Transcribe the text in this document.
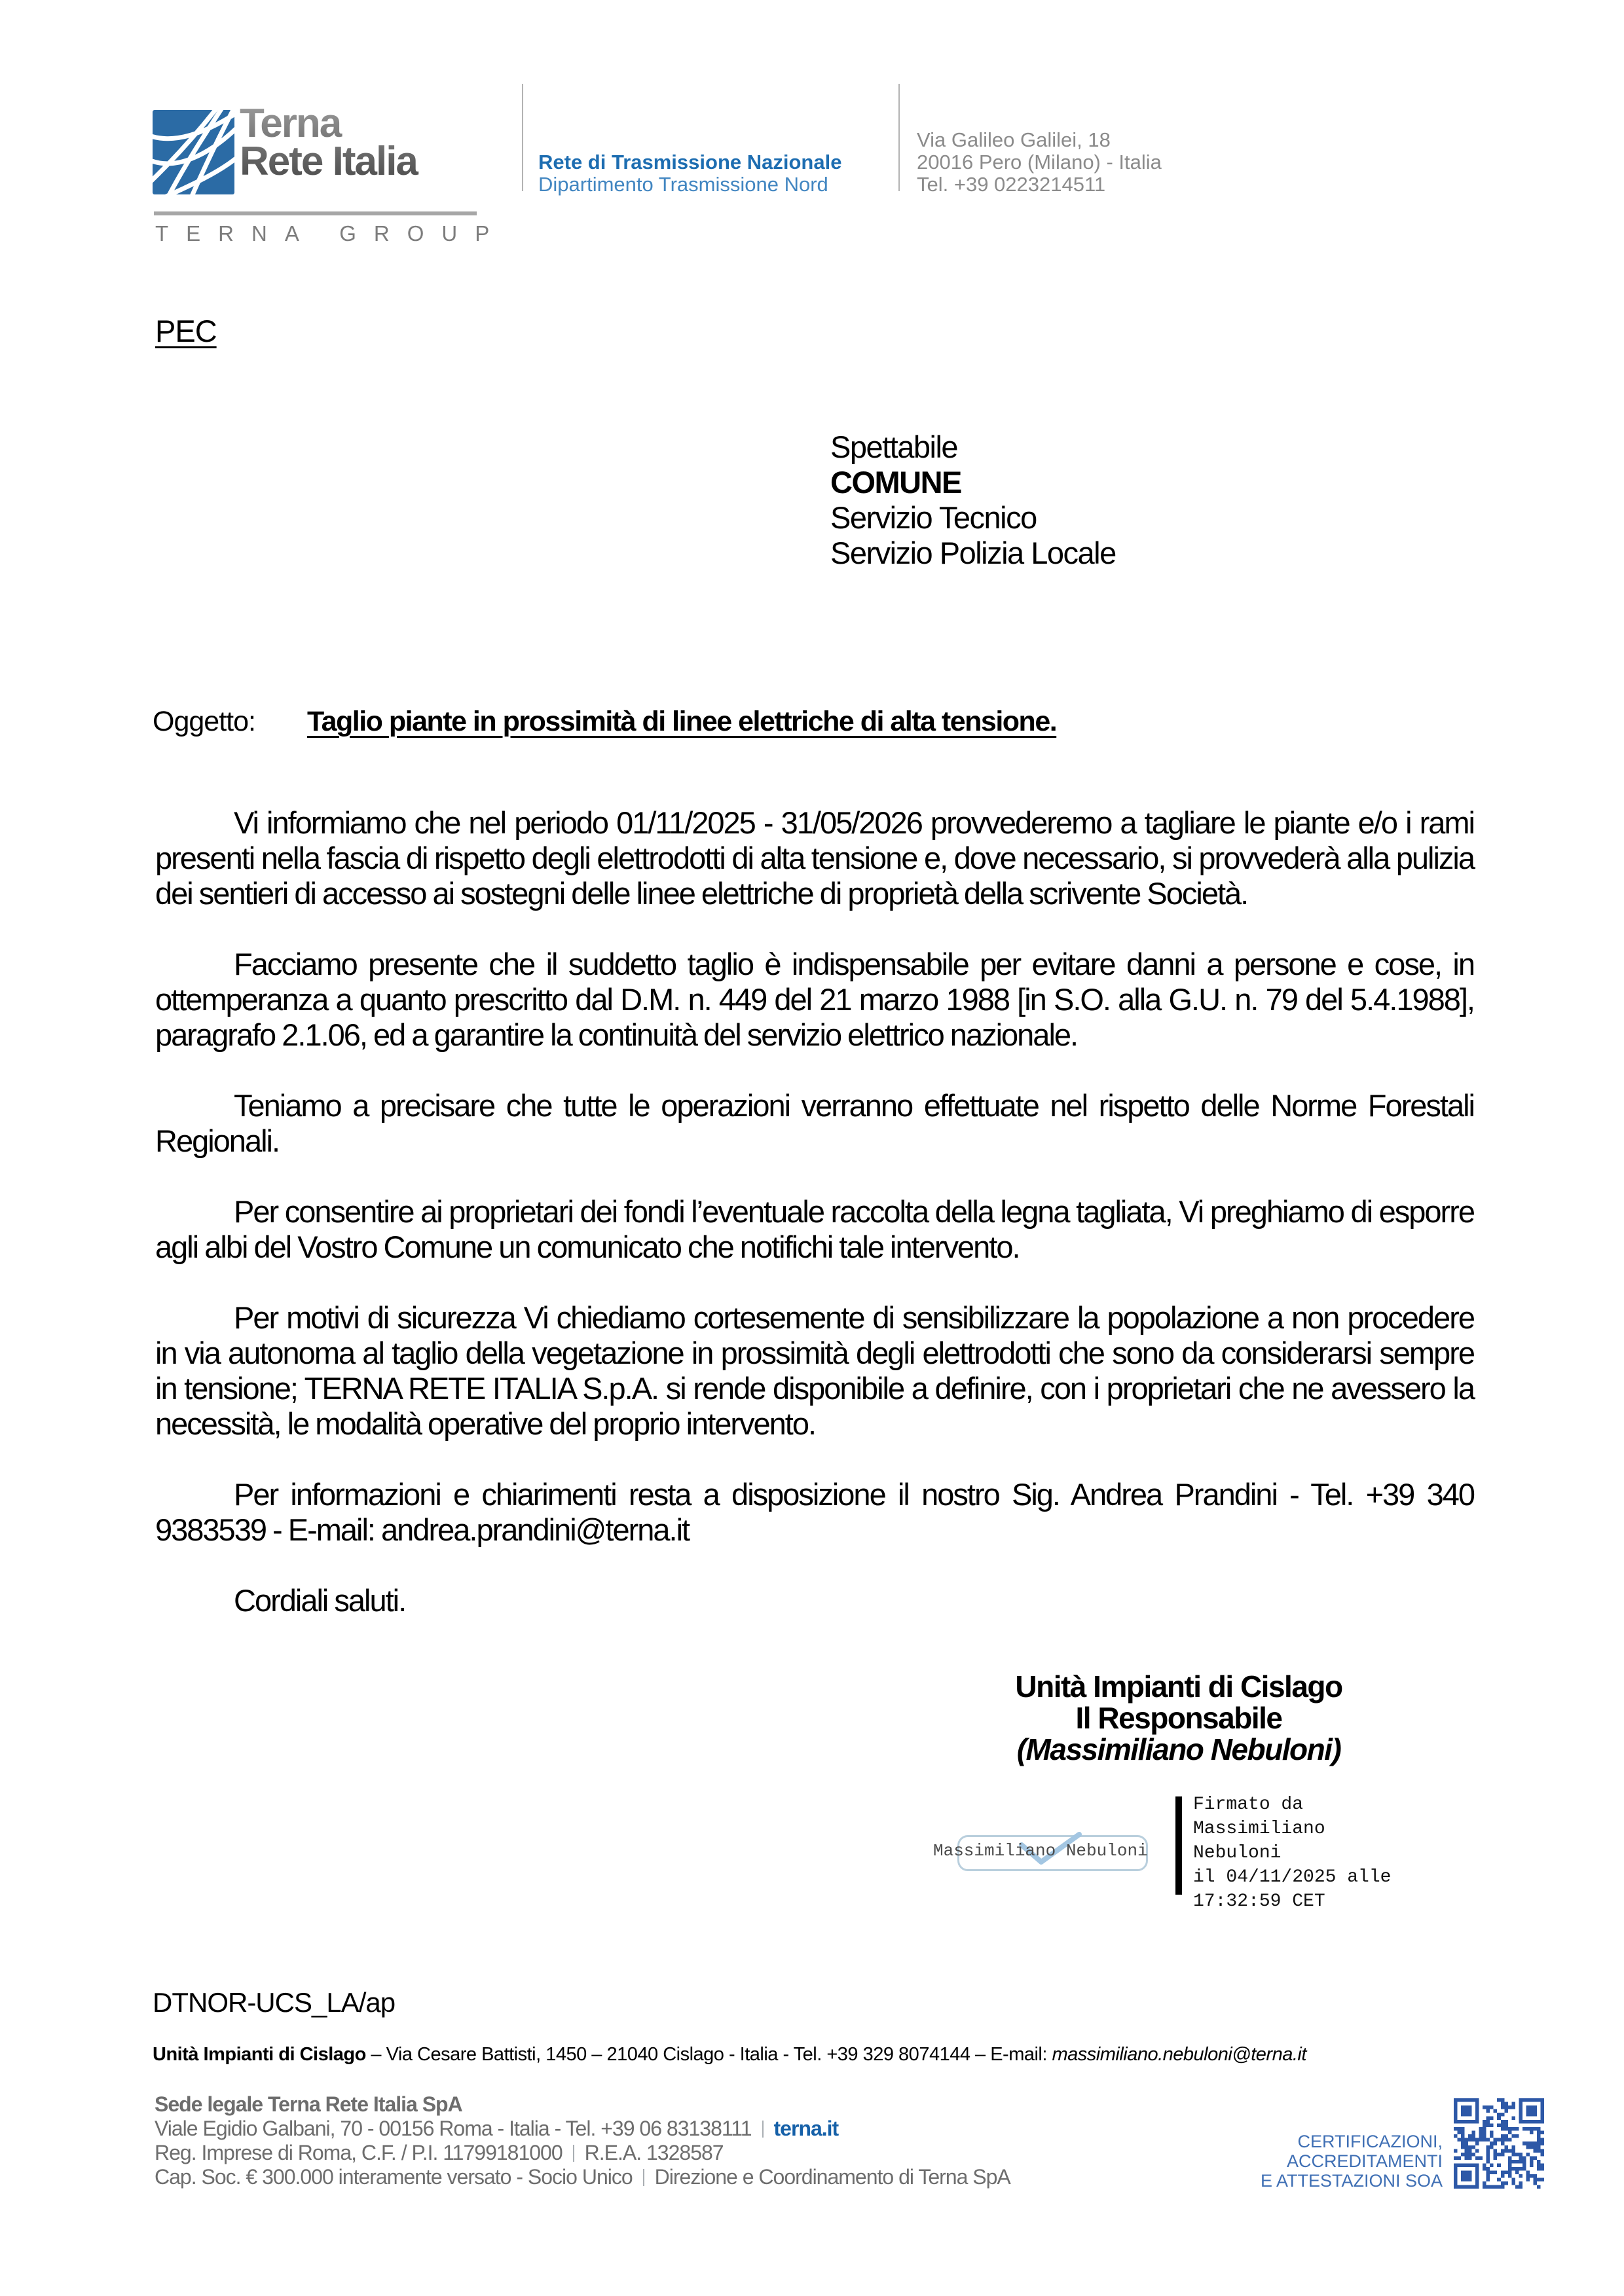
Terna
Rete Italia
TERNA GROUP
Rete di Trasmissione Nazionale
Dipartimento Trasmissione Nord
Via Galileo Galilei, 18
20016 Pero (Milano) - Italia
Tel. +39 0223214511
PEC
Spettabile
COMUNE
Servizio Tecnico
Servizio Polizia Locale
Oggetto: Taglio piante in prossimità di linee elettriche di alta tensione.

Vi informiamo che nel periodo 01/11/2025 - 31/05/2026 provvederemo a tagliare le piante e/o i rami presenti nella fascia di rispetto degli elettrodotti di alta tensione e, dove necessario, si provvederà alla pulizia dei sentieri di accesso ai sostegni delle linee elettriche di proprietà della scrivente Società.

Facciamo presente che il suddetto taglio è indispensabile per evitare danni a persone e cose, in ottemperanza a quanto prescritto dal D.M. n. 449 del 21 marzo 1988 [in S.O. alla G.U. n. 79 del 5.4.1988], paragrafo 2.1.06, ed a garantire la continuità del servizio elettrico nazionale.

Teniamo a precisare che tutte le operazioni verranno effettuate nel rispetto delle Norme Forestali Regionali.

Per consentire ai proprietari dei fondi l’eventuale raccolta della legna tagliata, Vi preghiamo di esporre agli albi del Vostro Comune un comunicato che notifichi tale intervento.

Per motivi di sicurezza Vi chiediamo cortesemente di sensibilizzare la popolazione a non procedere in via autonoma al taglio della vegetazione in prossimità degli elettrodotti che sono da considerarsi sempre in tensione; TERNA RETE ITALIA S.p.A. si rende disponibile a definire, con i proprietari che ne avessero la necessità, le modalità operative del proprio intervento.

Per informazioni e chiarimenti resta a disposizione il nostro Sig. Andrea Prandini - Tel. +39 340 9383539 - E-mail: andrea.prandini@terna.it

Cordiali saluti.

Unità Impianti di Cislago
Il Responsabile
(Massimiliano Nebuloni)
Massimiliano Nebuloni
Firmato da
Massimiliano
Nebuloni
il 04/11/2025 alle
17:32:59 CET
DTNOR-UCS_LA/ap
Unità Impianti di Cislago – Via Cesare Battisti, 1450 – 21040 Cislago - Italia - Tel. +39 329 8074144 – E-mail: massimiliano.nebuloni@terna.it
Sede legale Terna Rete Italia SpA
Viale Egidio Galbani, 70 - 00156 Roma - Italia - Tel. +39 06 83138111 terna.it
Reg. Imprese di Roma, C.F. / P.I. 11799181000 R.E.A. 1328587
Cap. Soc. € 300.000 interamente versato - Socio Unico Direzione e Coordinamento di Terna SpA
CERTIFICAZIONI,
ACCREDITAMENTI
E ATTESTAZIONI SOA
